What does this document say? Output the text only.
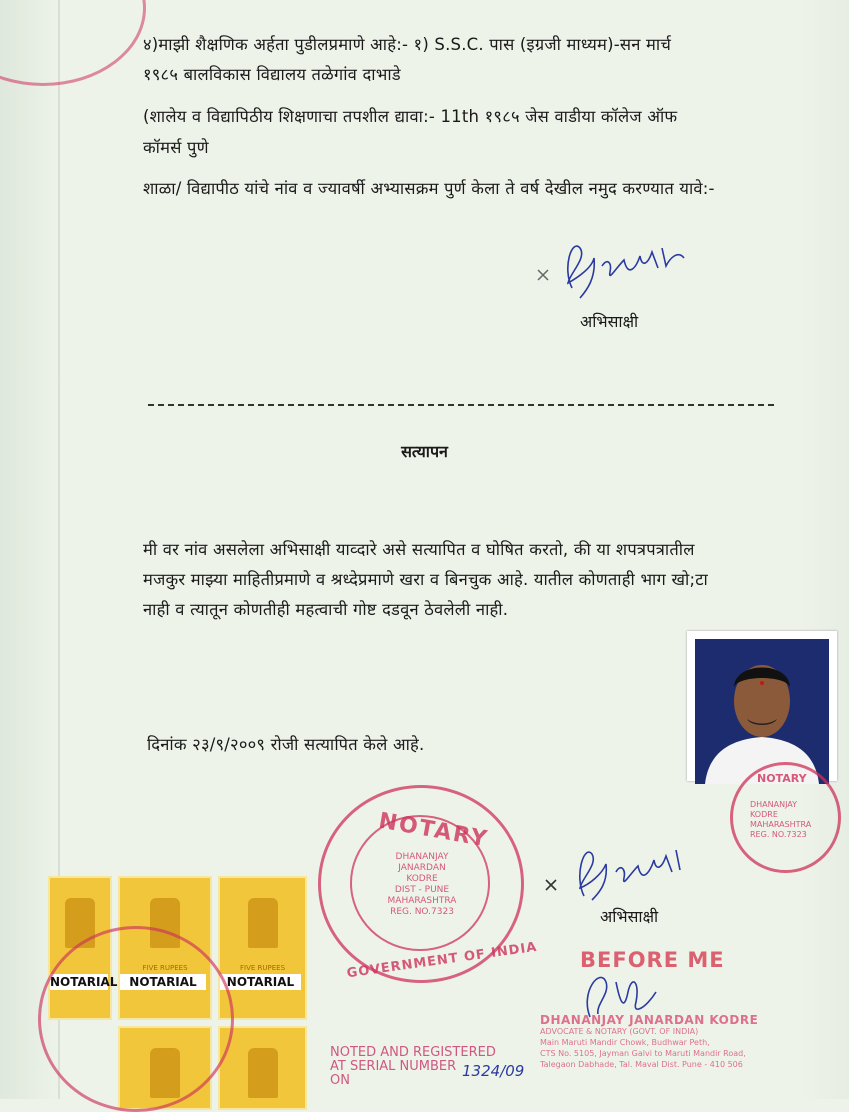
४)माझी शैक्षणिक अर्हता पुडीलप्रमाणे आहे:- १) S.S.C. पास (इग्रजी माध्यम)-सन मार्च
१९८५ बालविकास विद्यालय तळेगांव दाभाडे
(शालेय व विद्यापिठीय शिक्षणाचा तपशील द्यावा:- 11th १९८५ जेस वाडीया कॉलेज ऑफ
कॉमर्स पुणे
शाळा/ विद्यापीठ यांचे नांव व ज्यावर्षी अभ्यासक्रम पुर्ण केला ते वर्ष देखील नमुद करण्यात यावे:-
अभिसाक्षी
सत्यापन
मी वर नांव असलेला अभिसाक्षी याव्दारे असे सत्यापित व घोषित करतो, की या शपत्रपत्रातील
मजकुर माझ्या माहितीप्रमाणे व श्रध्देप्रमाणे खरा व बिनचुक आहे. यातील कोणताही भाग खो;टा
नाही व त्यातून कोणतीही महत्वाची गोष्ट दडवून ठेवलेली नाही.
दिनांक २३/९/२००९ रोजी सत्यापित केले आहे.
NOTARY
DHANANJAY
KODRE
MAHARASHTRA
REG. NO.7323
NOTARY
GOVERNMENT OF INDIA
DHANANJAY
JANARDAN
KODRE
DIST - PUNE
MAHARASHTRA
REG. NO.7323	अभिसाक्षी
FIVE RUPEES	FIVE RUPEES
NOTARIAL NOTARIAL	NOTARIAL
BEFORE ME
DHANANJAY JANARDAN KODRE
ADVOCATE & NOTARY (GOVT. OF INDIA)
Main Maruti Mandir Chowk, Budhwar Peth,
CTS No. 5105, Jayman Galvi to Maruti Mandir Road,
Talegaon Dabhade, Tal. Maval Dist. Pune - 410 506
NOTED AND REGISTERED
AT SERIAL NUMBER
ON
1324/09
